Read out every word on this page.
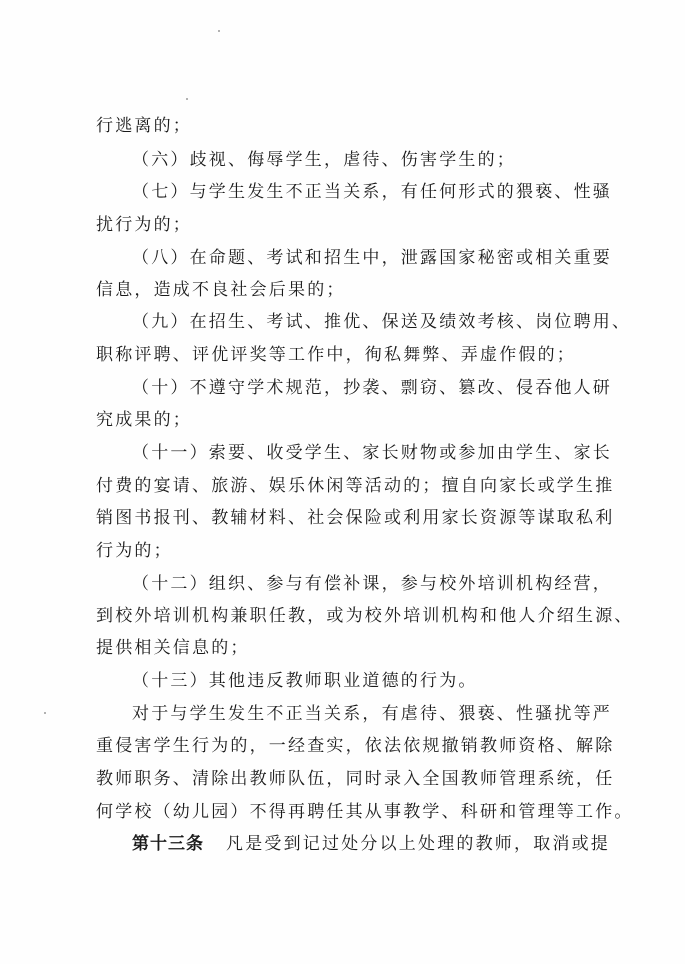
行逃离的；
（六）歧视、侮辱学生，虐待、伤害学生的；
（七）与学生发生不正当关系，有任何形式的猥亵、性骚
扰行为的；
（八）在命题、考试和招生中，泄露国家秘密或相关重要
信息，造成不良社会后果的；
（九）在招生、考试、推优、保送及绩效考核、岗位聘用、
职称评聘、评优评奖等工作中，徇私舞弊、弄虚作假的；
（十）不遵守学术规范，抄袭、剽窃、篡改、侵吞他人研
究成果的；
（十一）索要、收受学生、家长财物或参加由学生、家长
付费的宴请、旅游、娱乐休闲等活动的；擅自向家长或学生推
销图书报刊、教辅材料、社会保险或利用家长资源等谋取私利
行为的；
（十二）组织、参与有偿补课，参与校外培训机构经营，
到校外培训机构兼职任教，或为校外培训机构和他人介绍生源、
提供相关信息的；
（十三）其他违反教师职业道德的行为。
对于与学生发生不正当关系，有虐待、猥亵、性骚扰等严
重侵害学生行为的，一经查实，依法依规撤销教师资格、解除
教师职务、清除出教师队伍，同时录入全国教师管理系统，任
何学校（幼儿园）不得再聘任其从事教学、科研和管理等工作。
第十三条 凡是受到记过处分以上处理的教师，取消或提
